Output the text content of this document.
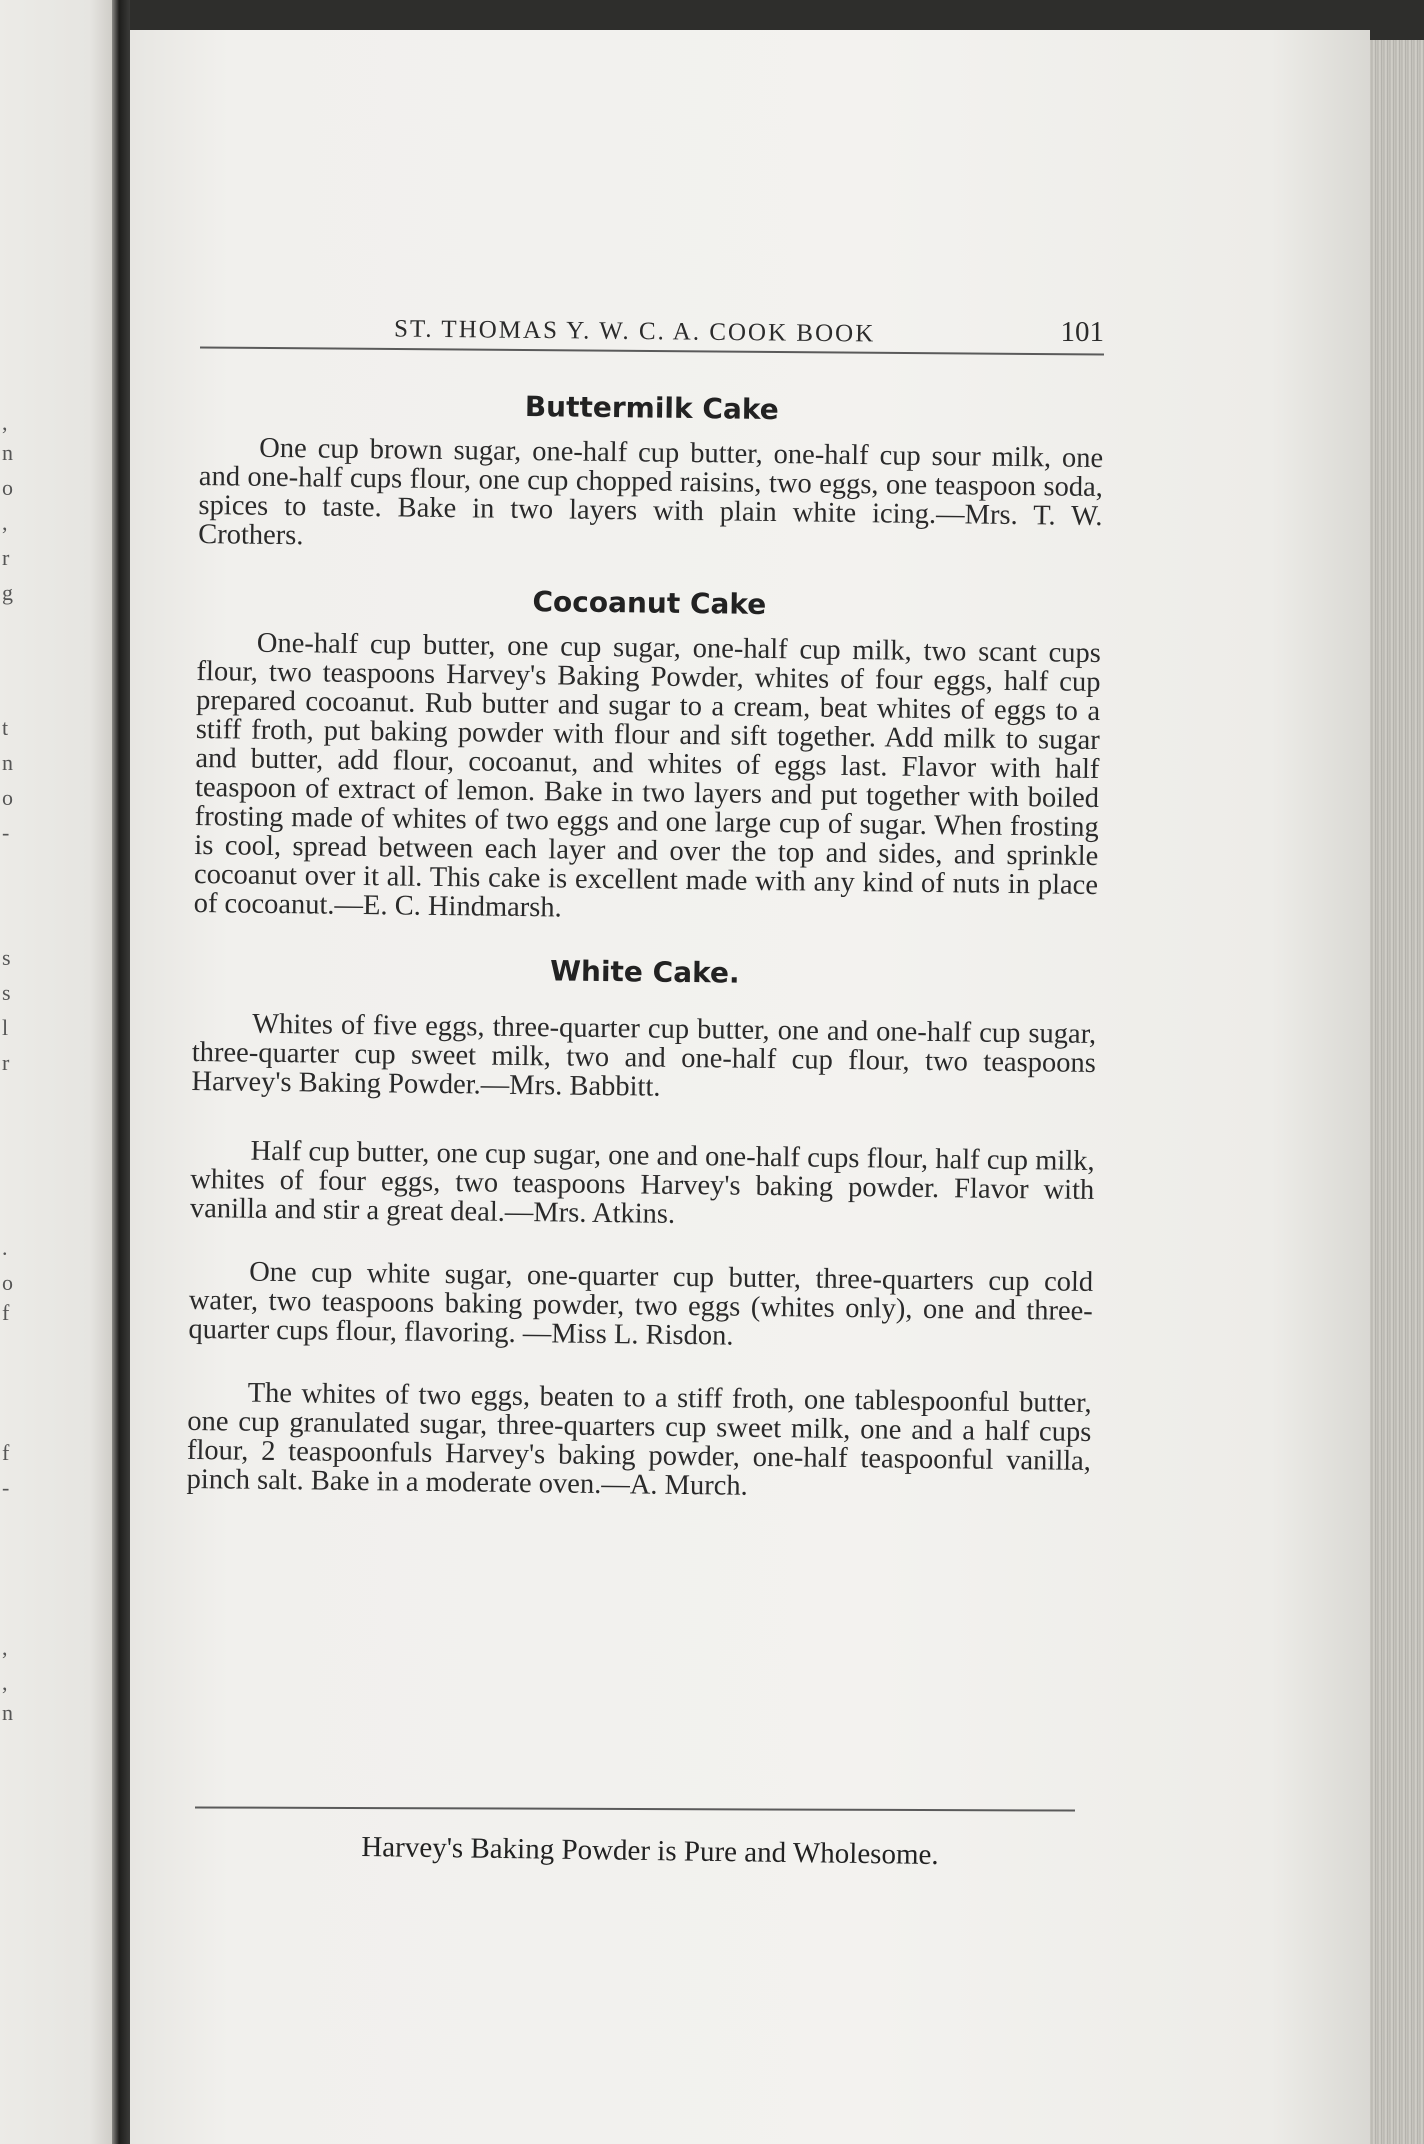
,
n
o
,
r
g
t
n
o
-
s
s
l
r
.
o
f
f
-
,
,
n
ST. THOMAS Y. W. C. A. COOK BOOK	101
Buttermilk Cake

One cup brown sugar, one-half cup butter, one-half cup sour milk, one and one-half cups flour, one cup chopped raisins, two eggs, one teaspoon soda, spices to taste. Bake in two layers with plain white icing.—Mrs. T. W. Crothers.

Cocoanut Cake

One-half cup butter, one cup sugar, one-half cup milk, two scant cups flour, two teaspoons Harvey's Baking Powder, whites of four eggs, half cup prepared cocoanut. Rub butter and sugar to a cream, beat whites of eggs to a stiff froth, put baking powder with flour and sift together. Add milk to sugar and butter, add flour, cocoanut, and whites of eggs last. Flavor with half teaspoon of extract of lemon. Bake in two layers and put together with boiled frosting made of whites of two eggs and one large cup of sugar. When frosting is cool, spread between each layer and over the top and sides, and sprinkle cocoanut over it all. This cake is excellent made with any kind of nuts in place of cocoanut.—E. C. Hindmarsh.

White Cake.

Whites of five eggs, three-quarter cup butter, one and one-half cup sugar, three-quarter cup sweet milk, two and one-half cup flour, two teaspoons Harvey's Baking Powder.—Mrs. Babbitt.

Half cup butter, one cup sugar, one and one-half cups flour, half cup milk, whites of four eggs, two teaspoons Harvey's baking powder. Flavor with vanilla and stir a great deal.—Mrs. Atkins.

One cup white sugar, one-quarter cup butter, three-quarters cup cold water, two teaspoons baking powder, two eggs (whites only), one and three-quarter cups flour, flavoring. —Miss L. Risdon.

The whites of two eggs, beaten to a stiff froth, one tablespoonful butter, one cup granulated sugar, three-quarters cup sweet milk, one and a half cups flour, 2 teaspoonfuls Harvey's baking powder, one-half teaspoonful vanilla, pinch salt. Bake in a moderate oven.—A. Murch.

Harvey's Baking Powder is Pure and Wholesome.
